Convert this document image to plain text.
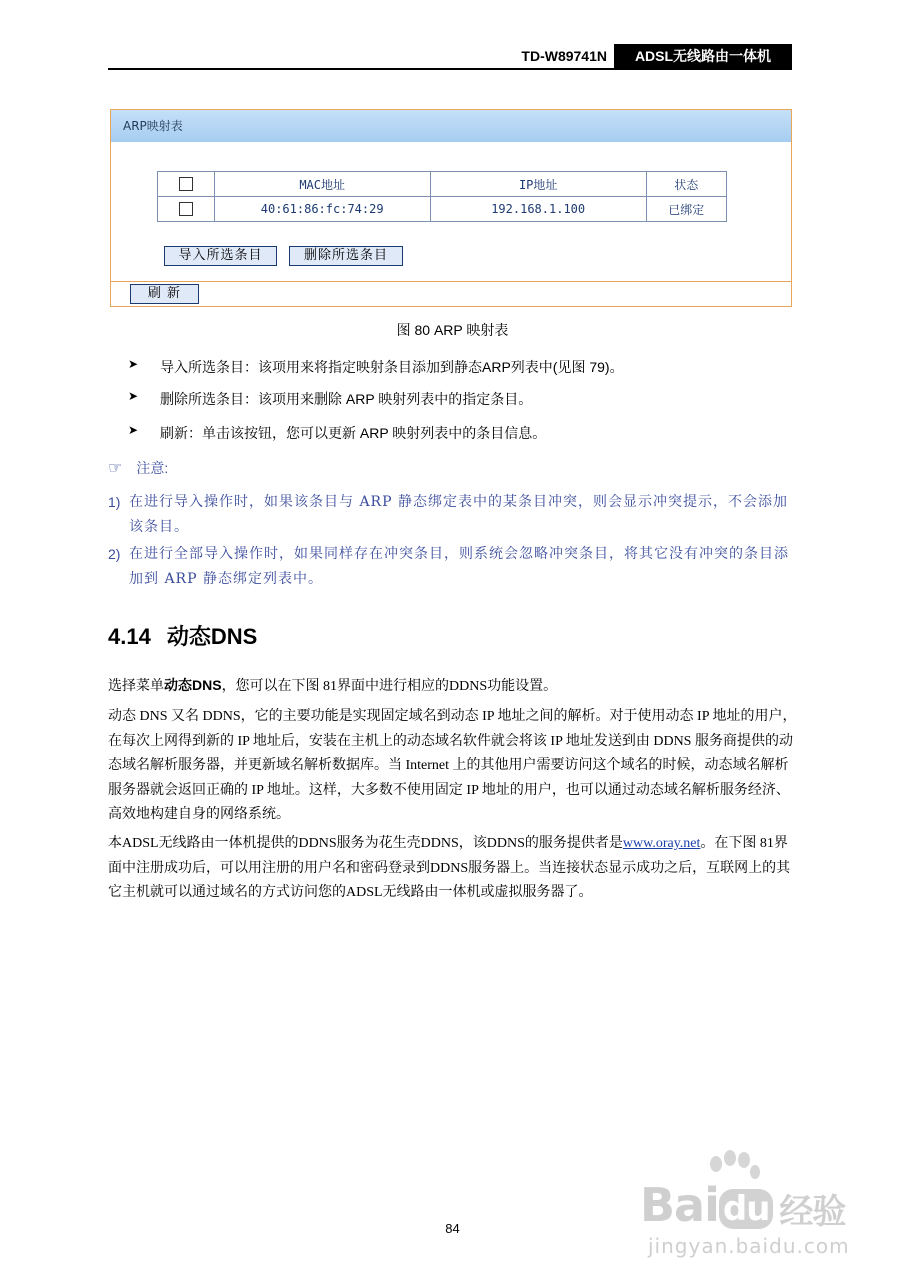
TD-W89741N	ADSL无线路由一体机
ARP映射表
	MAC地址	IP地址	状态
	40:61:86:fc:74:29	192.168.1.100	已绑定
导入所选条目	删除所选条目
刷 新
图 80 ARP 映射表
➤ 导入所选条目：该项用来将指定映射条目添加到静态ARP列表中(见图 79)。
➤ 删除所选条目：该项用来删除 ARP 映射列表中的指定条目。
➤ 刷新：单击该按钮，您可以更新 ARP 映射列表中的条目信息。
☞ 注意:
1) 在进行导入操作时，如果该条目与 ARP 静态绑定表中的某条目冲突，则会显示冲突提示，不会添加该条目。
2) 在进行全部导入操作时，如果同样存在冲突条目，则系统会忽略冲突条目，将其它没有冲突的条目添加到 ARP 静态绑定列表中。
4.14 动态DNS
选择菜单动态DNS，您可以在下图 81界面中进行相应的DDNS功能设置。
动态 DNS 又名 DDNS，它的主要功能是实现固定域名到动态 IP 地址之间的解析。对于使用动态 IP 地址的用户，在每次上网得到新的 IP 地址后，安装在主机上的动态域名软件就会将该 IP 地址发送到由 DDNS 服务商提供的动态域名解析服务器，并更新域名解析数据库。当 Internet 上的其他用户需要访问这个域名的时候，动态域名解析服务器就会返回正确的 IP 地址。这样，大多数不使用固定 IP 地址的用户，也可以通过动态域名解析服务经济、高效地构建自身的网络系统。
本ADSL无线路由一体机提供的DDNS服务为花生壳DDNS，该DDNS的服务提供者是www.oray.net。在下图 81界面中注册成功后，可以用注册的用户名和密码登录到DDNS服务器上。当连接状态显示成功之后，互联网上的其它主机就可以通过域名的方式访问您的ADSL无线路由一体机或虚拟服务器了。
84	Bai du 经验
jingyan.baidu.com
